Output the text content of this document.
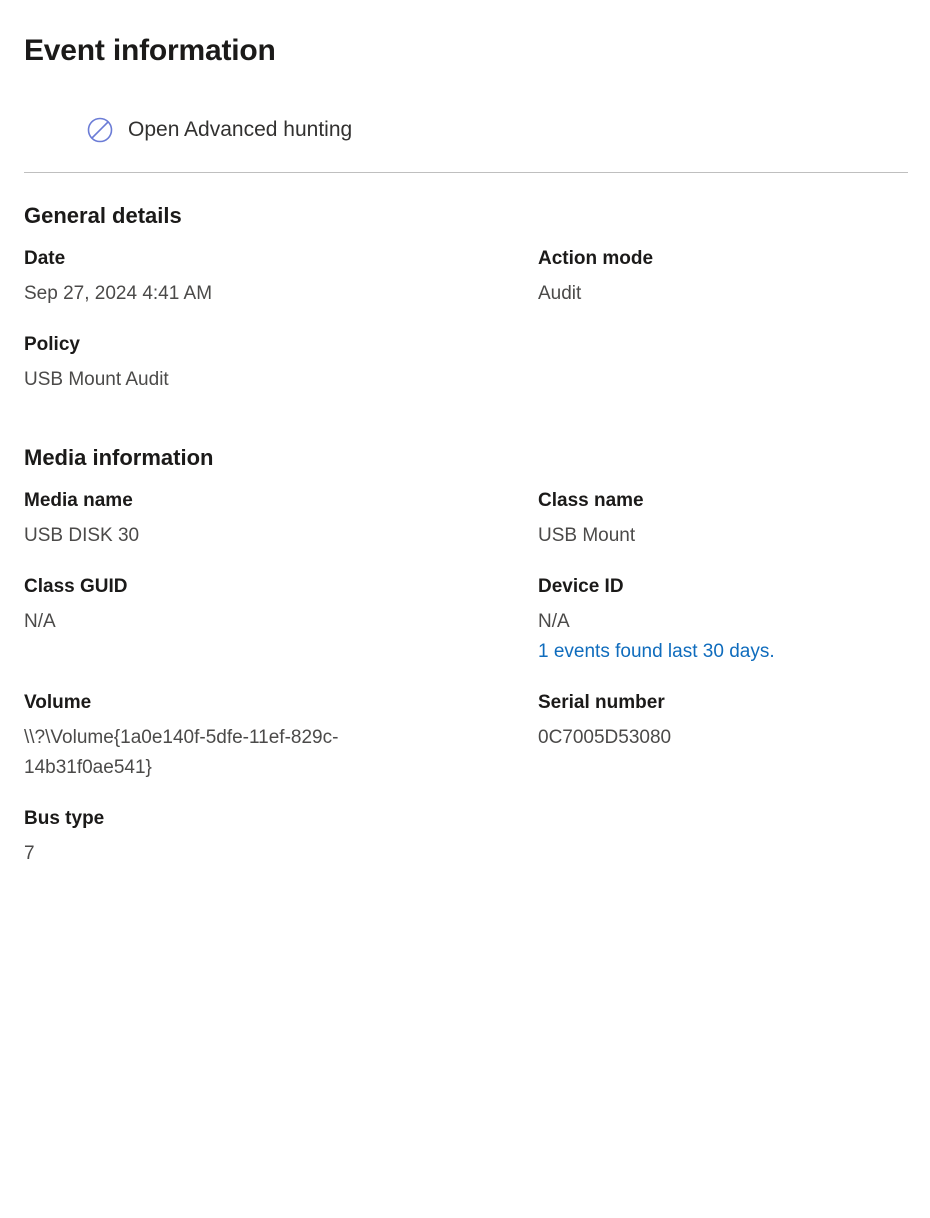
Event information
Open Advanced hunting
General details
Date
Sep 27, 2024 4:41 AM
Action mode
Audit
Policy
USB Mount Audit
Media information
Media name
USB DISK 30
Class name
USB Mount
Class GUID
N/A
Device ID
N/A
1 events found last 30 days.
Volume
\\?\Volume{1a0e140f-5dfe-11ef-829c-14b31f0ae541}
Serial number
0C7005D53080
Bus type
7
